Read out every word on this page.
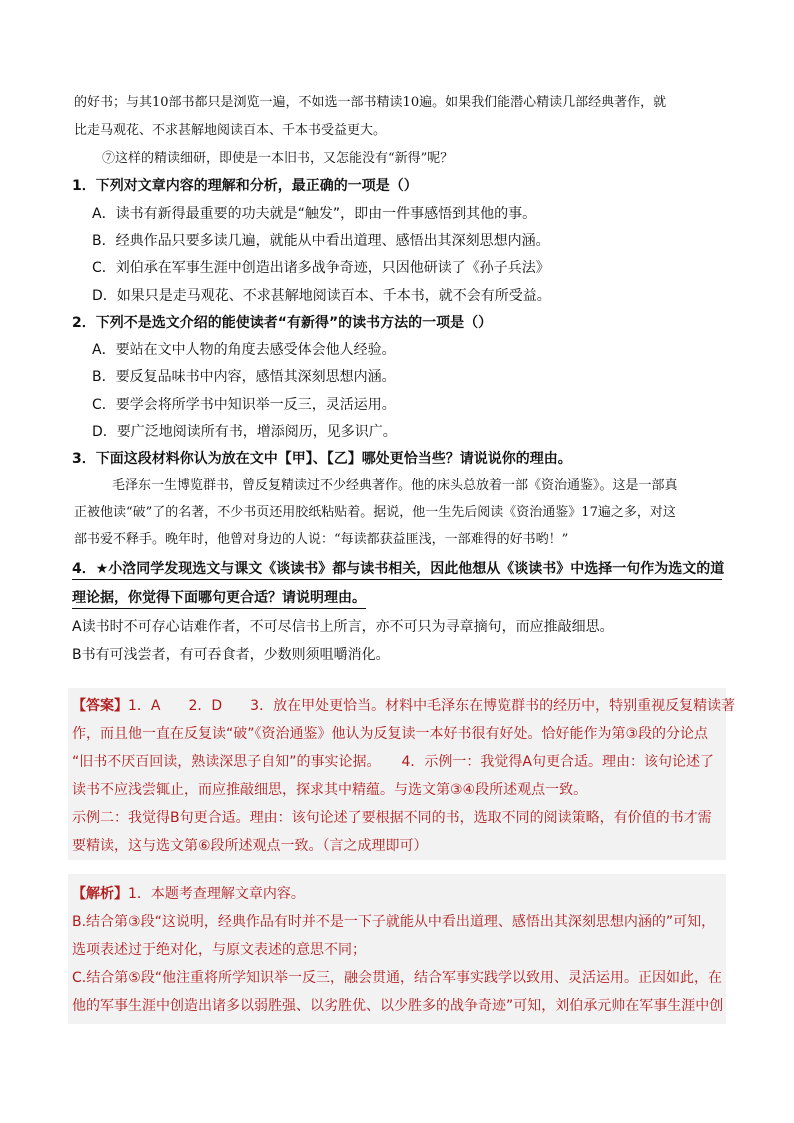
的好书；与其10部书都只是浏览一遍，不如选一部书精读10遍。如果我们能潜心精读几部经典著作，就
比走马观花、不求甚解地阅读百本、千本书受益更大。
⑦这样的精读细研，即使是一本旧书，又怎能没有“新得”呢？
1．下列对文章内容的理解和分析，最正确的一项是（）
A．读书有新得最重要的功夫就是“触发”，即由一件事感悟到其他的事。
B．经典作品只要多读几遍，就能从中看出道理、感悟出其深刻思想内涵。
C．刘伯承在军事生涯中创造出诸多战争奇迹，只因他研读了《孙子兵法》
D．如果只是走马观花、不求甚解地阅读百本、千本书，就不会有所受益。
2．下列不是选文介绍的能使读者“有新得”的读书方法的一项是（）
A．要站在文中人物的角度去感受体会他人经验。
B．要反复品味书中内容，感悟其深刻思想内涵。
C．要学会将所学书中知识举一反三，灵活运用。
D．要广泛地阅读所有书，增添阅历，见多识广。
3．下面这段材料你认为放在文中【甲】、【乙】哪处更恰当些？请说说你的理由。
毛泽东一生博览群书，曾反复精读过不少经典著作。他的床头总放着一部《资治通鉴》。这是一部真
正被他读“破”了的名著，不少书页还用胶纸粘贴着。据说，他一生先后阅读《资治通鉴》17遍之多，对这
部书爱不释手。晚年时，他曾对身边的人说：“每读都获益匪浅，一部难得的好书哟！”
4．★小浛同学发现选文与课文《谈读书》都与读书相关，因此他想从《谈读书》中选择一句作为选文的道
理论据，你觉得下面哪句更合适？请说明理由。
A读书时不可存心诘难作者，不可尽信书上所言，亦不可只为寻章摘句，而应推敲细思。
B书有可浅尝者，有可吞食者，少数则须咀嚼消化。
【答案】 1．A　　2．D　　3．放在甲处更恰当。材料中毛泽东在博览群书的经历中，特别重视反复精读著
作，而且他一直在反复读“破”《资治通鉴》他认为反复读一本好书很有好处。恰好能作为第③段的分论点
“旧书不厌百回读，熟读深思子自知”的事实论据。　　4．示例一：我觉得A句更合适。理由：该句论述了
读书不应浅尝辄止，而应推敲细思，探求其中精蕴。与选文第③④段所述观点一致。
示例二：我觉得B句更合适。理由：该句论述了要根据不同的书，选取不同的阅读策略，有价值的书才需
要精读，这与选文第⑥段所述观点一致。（言之成理即可）
【解析】 1．本题考查理解文章内容。
B.结合第③段“这说明，经典作品有时并不是一下子就能从中看出道理、感悟出其深刻思想内涵的”可知，
选项表述过于绝对化，与原文表述的意思不同；
C.结合第⑤段“他注重将所学知识举一反三，融会贯通，结合军事实践学以致用、灵活运用。正因如此，在
他的军事生涯中创造出诸多以弱胜强、以劣胜优、以少胜多的战争奇迹”可知，刘伯承元帅在军事生涯中创
